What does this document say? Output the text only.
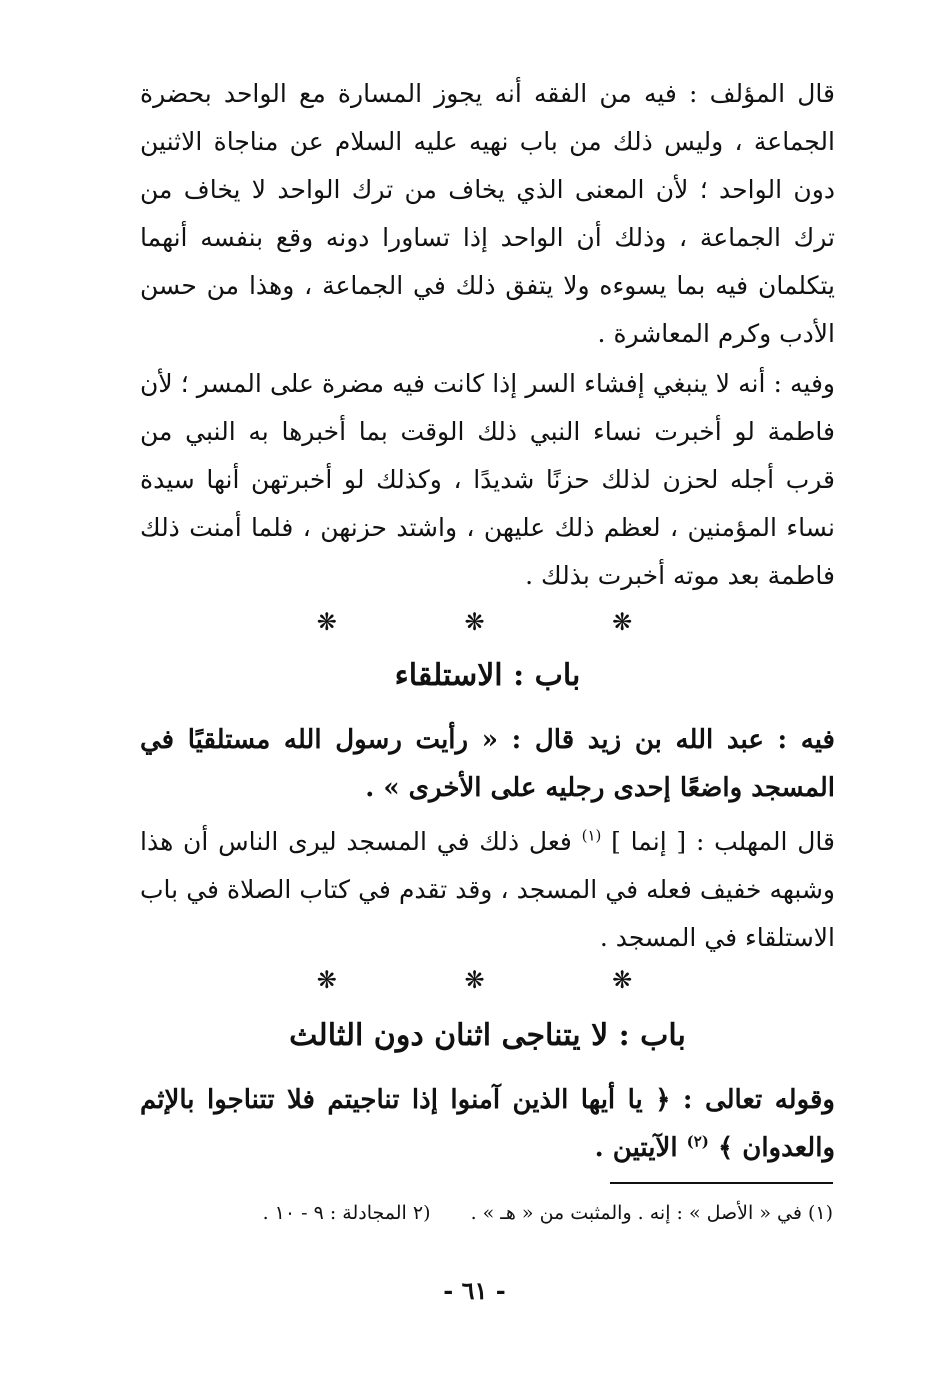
قال المؤلف : فيه من الفقه أنه يجوز المسارة مع الواحد بحضرة الجماعة ، وليس ذلك من باب نهيه عليه السلام عن مناجاة الاثنين دون الواحد ؛ لأن المعنى الذي يخاف من ترك الواحد لا يخاف من ترك الجماعة ، وذلك أن الواحد إذا تساورا دونه وقع بنفسه أنهما يتكلمان فيه بما يسوءه ولا يتفق ذلك في الجماعة ، وهذا من حسن الأدب وكرم المعاشرة .

وفيه : أنه لا ينبغي إفشاء السر إذا كانت فيه مضرة على المسر ؛ لأن فاطمة لو أخبرت نساء النبي ذلك الوقت بما أخبرها به النبي من قرب أجله لحزن لذلك حزنًا شديدًا ، وكذلك لو أخبرتهن أنها سيدة نساء المؤمنين ، لعظم ذلك عليهن ، واشتد حزنهن ، فلما أمنت ذلك فاطمة بعد موته أخبرت بذلك .

❋ ❋ ❋
باب : الاستلقاء

فيه : عبد الله بن زيد قال : « رأيت رسول الله مستلقيًا في المسجد واضعًا إحدى رجليه على الأخرى » .

قال المهلب : [ إنما ] $^{(١)}$ فعل ذلك في المسجد ليرى الناس أن هذا وشبهه خفيف فعله في المسجد ، وقد تقدم في كتاب الصلاة في باب الاستلقاء في المسجد .

❋ ❋ ❋
باب : لا يتناجى اثنان دون الثالث

وقوله تعالى : ﴿ يا أيها الذين آمنوا إذا تناجيتم فلا تتناجوا بالإثم والعدوان ﴾ $^{(٢)}$ الآيتين .

(١) في « الأصل » : إنه . والمثبت من « هـ » . (٢ المجادلة : ٩ - ١٠ .
- ٦١ -
